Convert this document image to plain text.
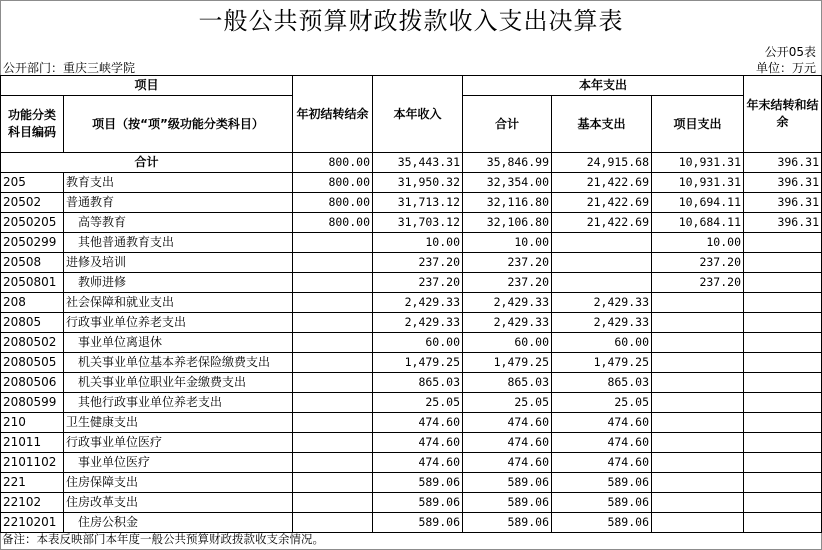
一般公共预算财政拨款收入支出决算表
公开05表
公开部门：重庆三峡学院	单位：万元
项目		年初结转结余	本年收入	本年支出			年末结转和结余
功能分类科目编码	项目（按“项”级功能分类科目）			合计	基本支出	项目支出	

合计		800.00	35,443.31	35,846.99	24,915.68	10,931.31	396.31
205	教育支出	800.00	31,950.32	32,354.00	21,422.69	10,931.31	396.31
20502	普通教育	800.00	31,713.12	32,116.80	21,422.69	10,694.11	396.31
2050205	高等教育	800.00	31,703.12	32,106.80	21,422.69	10,684.11	396.31
2050299	其他普通教育支出		10.00	10.00		10.00	
20508	进修及培训		237.20	237.20		237.20	
2050801	教师进修		237.20	237.20		237.20	
208	社会保障和就业支出		2,429.33	2,429.33	2,429.33		
20805	行政事业单位养老支出		2,429.33	2,429.33	2,429.33		
2080502	事业单位离退休		60.00	60.00	60.00		
2080505	机关事业单位基本养老保险缴费支出		1,479.25	1,479.25	1,479.25		
2080506	机关事业单位职业年金缴费支出		865.03	865.03	865.03		
2080599	其他行政事业单位养老支出		25.05	25.05	25.05		
210	卫生健康支出		474.60	474.60	474.60		
21011	行政事业单位医疗		474.60	474.60	474.60		
2101102	事业单位医疗		474.60	474.60	474.60		
221	住房保障支出		589.06	589.06	589.06		
22102	住房改革支出		589.06	589.06	589.06		
2210201	住房公积金		589.06	589.06	589.06		
备注：本表反映部门本年度一般公共预算财政拨款收支余情况。
